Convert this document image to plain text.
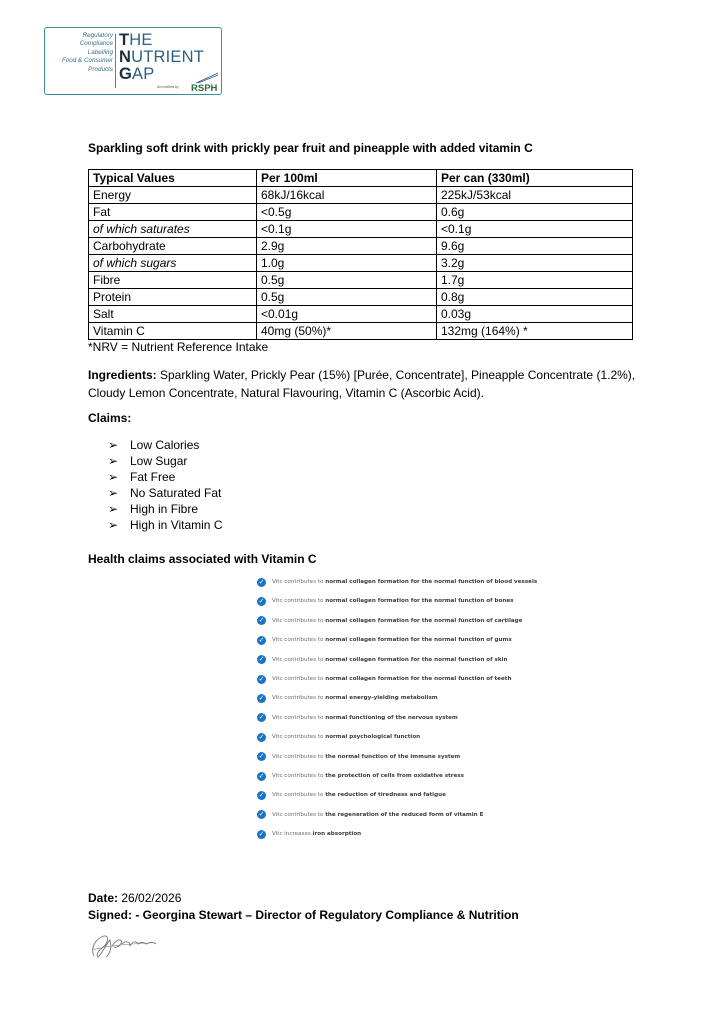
Regulatory
Compliance
Labelling
Food & Consumer
Products
THE
NUTRIENT
GAP
Accredited by RSPH
Sparkling soft drink with prickly pear fruit and pineapple with added vitamin C
Typical Values	Per 100ml	Per can (330ml)
Energy	68kJ/16kcal	225kJ/53kcal
Fat	<0.5g	0.6g
of which saturates	<0.1g	<0.1g
Carbohydrate	2.9g	9.6g
of which sugars	1.0g	3.2g
Fibre	0.5g	1.7g
Protein	0.5g	0.8g
Salt	<0.01g	0.03g
Vitamin C	40mg (50%)*	132mg (164%) *
*NRV = Nutrient Reference Intake
Ingredients: Sparkling Water, Prickly Pear (15%) [Purée, Concentrate], Pineapple Concentrate (1.2%), Cloudy Lemon Concentrate, Natural Flavouring, Vitamin C (Ascorbic Acid).
Claims:
➢ Low Calories
➢ Low Sugar
➢ Fat Free
➢ No Saturated Fat
➢ High in Fibre
➢ High in Vitamin C
Health claims associated with Vitamin C
✓ Vitc contributes to normal collagen formation for the normal function of blood vessels
✓ Vitc contributes to normal collagen formation for the normal function of bones
✓ Vitc contributes to normal collagen formation for the normal function of cartilage
✓ Vitc contributes to normal collagen formation for the normal function of gums
✓ Vitc contributes to normal collagen formation for the normal function of skin
✓ Vitc contributes to normal collagen formation for the normal function of teeth
✓ Vitc contributes to normal energy-yielding metabolism
✓ Vitc contributes to normal functioning of the nervous system
✓ Vitc contributes to normal psychological function
✓ Vitc contributes to the normal function of the immune system
✓ Vitc contributes to the protection of cells from oxidative stress
✓ Vitc contributes to the reduction of tiredness and fatigue
✓ Vitc contributes to the regeneration of the reduced form of vitamin E
✓ Vitc increases iron absorption
Date: 26/02/2026
Signed: - Georgina Stewart – Director of Regulatory Compliance & Nutrition
